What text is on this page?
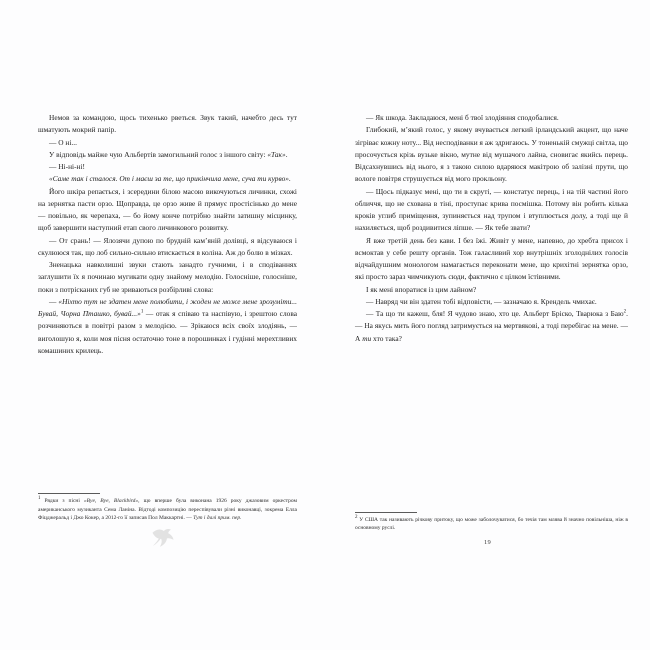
Немов за командою, щось тихенько рветься. Звук такий, начебто десь тут шматують мокрий папір.

— О ні...

У відповідь майже чую Альбертів замогильний голос з іншого світу: «Так».

— Ні-ні-ні!

«Саме так і сталося. От і маєш за те, що прикінчила мене, суча ти курво».

Його шкіра репається, і зсередини білою масою викочуються личинки, схожі на зернятка пасти орзо. Щоправда, це орзо живе й прямує простісінько до мене — повільно, як черепаха, — бо йому конче потрібно знайти затишну місцинку, щоб завершити наступний етап свого личинкового розвитку.

— От срань! — Ялозячи дупою по брудній кам’яній долівці, я відсуваюся і скулююся так, що лоб сильно-сильно втискається в коліна. Аж до болю в мізках.

Зненацька навколишні звуки стають занадто гучними, і в сподіваннях заглушити їх я починаю мугикати одну знайому мелодію. Голосніше, голосніше, поки з потрісканих губ не зриваються розбірливі слова:

— «Ніхто тут не здатен мене полюбити, і жоден не може мене зрозуміти... Бувай, Чорна Пташко, бувай...»$^1$ — отак я співаю та наспівую, і зрештою слова розчиняються в повітрі разом з мелодією. — Зрікаюся всіх своїх злодіянь, — виголошую я, коли моя пісня остаточно тоне в порошинках і гудінні мерехтливих комашиних крилець.

$^1$ Рядки з пісні «Bye, Bye, Blackbird», що вперше була виконана 1926 року джазовим оркестром американського музиканта Сема Ланіна. Відтоді композицію переспівували різні виконавці, зокрема Елла Фіцджеральд і Джо Кокер, а 2012-го її записав Пол Маккартні. — Тут і далі прим. пер.

— Як шкода. Закладаюся, мені б твої злодіяння сподобалися.

Глибокий, м’який голос, у якому вчувається легкий ірландський акцент, що наче зігріває кожну ноту... Від несподіванки я аж здригаюсь. У тоненькій смужці світла, що просочується крізь вузьке вікно, мутне від мушачого лайна, сновигає якийсь перець. Відсахнувшись від нього, я з такою силою вдаряюся макітрою об залізні прути, що вологе повітря струшується від мого прокльону.

— Щось підказує мені, що ти в скруті, — констатує перець, і на тій частині його обличчя, що не схована в тіні, проступає крива посмішка. Потому він робить кілька кроків углиб приміщення, зупиняється над трупом і втуплюється долу, а тоді ще й нахиляється, щоб роздивитися ліпше. — Як тебе звати?

Я вже третій день без кави. І без їжі. Живіт у мене, напевно, до хребта присох і всмоктав у себе решту органів. Тож галасливий хор внутрішніх зголоднілих голосів відчайдушним монологом намагається переконати мене, що крихітні зернятка орзо, які просто зараз чимчикують сюди, фактично є цілком їстівними.

І як мені впоратися із цим лайном?

— Навряд чи він здатен тобі відповісти, — зазначаю я. Крендель чмихає.

— Та що ти кажеш, бля! Я чудово знаю, хто це. Альберт Бріско, Тварюка з Баю$^2$. — На якусь мить його погляд затримується на мертвякові, а тоді перебігає на мене. — А ти хто така?

$^2$ У США так називають річкову притоку, що може заболочуватися, бо течія там млява й значно повільніша, ніж в основному руслі.

19
